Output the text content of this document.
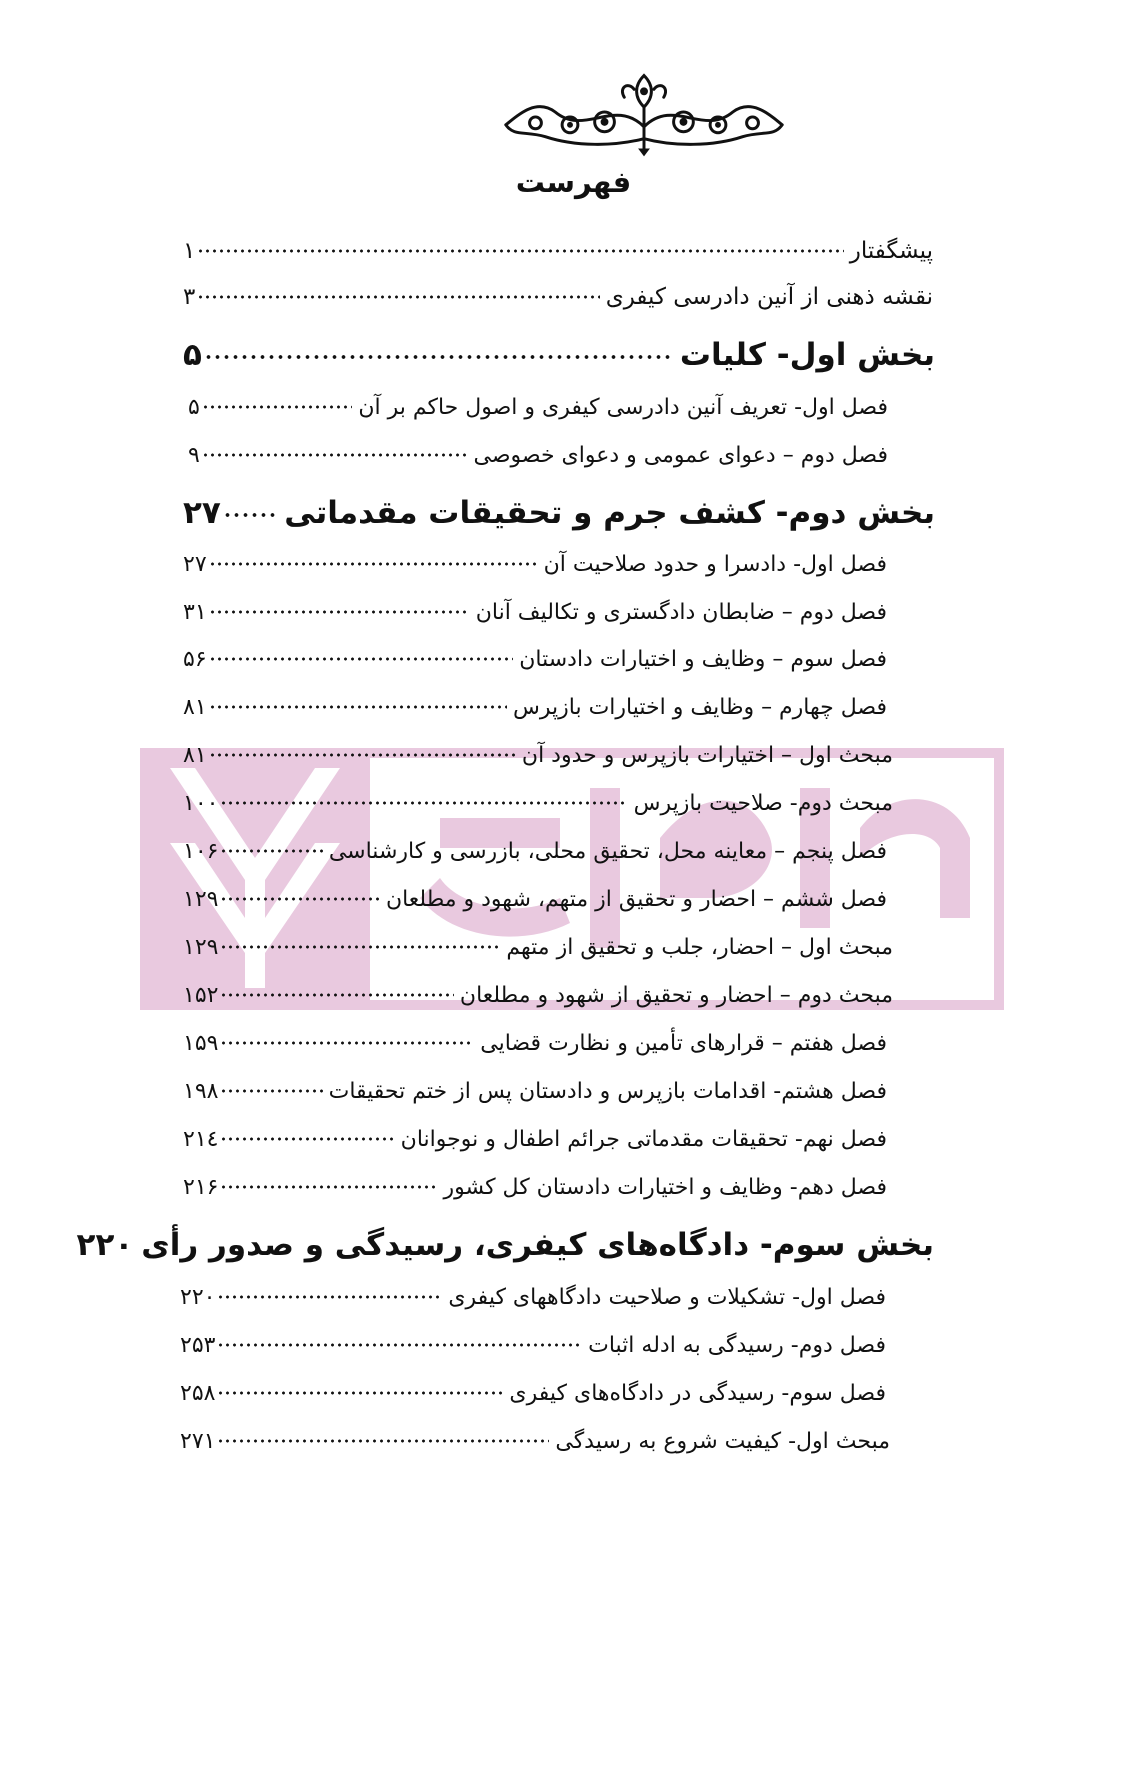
فهرست
پیشگفتار
۱
نقشه ذهنی از آنین دادرسی کیفری
۳
بخش اول- کلیات
۵
فصل اول- تعریف آنین دادرسی کیفری و اصول حاکم بر آن
۵
فصل دوم – دعوای عمومی و دعوای خصوصی
۹
بخش دوم- کشف جرم و تحقیقات مقدماتی
۲۷
فصل اول- دادسرا و حدود صلاحیت آن
۲۷
فصل دوم – ضابطان دادگستری و تکالیف آنان
۳۱
فصل سوم – وظایف و اختیارات دادستان
۵۶
فصل چهارم – وظایف و اختیارات بازپرس
۸۱
مبحث اول – اختیارات بازپرس و حدود آن
۸۱
مبحث دوم- صلاحیت بازپرس
۱۰۰
فصل پنجم – معاینه محل، تحقیق محلی، بازرسی و کارشناسی
۱۰۶
فصل ششم – احضار و تحقیق از متهم، شهود و مطلعان
۱۲۹
مبحث اول – احضار، جلب و تحقیق از متهم
۱۲۹
مبحث دوم – احضار و تحقیق از شهود و مطلعان
۱۵۲
فصل هفتم – قرارهای تأمین و نظارت قضایی
۱۵۹
فصل هشتم- اقدامات بازپرس و دادستان پس از ختم تحقیقات
۱۹۸
فصل نهم- تحقیقات مقدماتی جرائم اطفال و نوجوانان
۲۱٤
فصل دهم- وظایف و اختیارات دادستان کل کشور
۲۱۶
بخش سوم- دادگاه‌های کیفری، رسیدگی و صدور رأی
۲۲۰
فصل اول- تشکیلات و صلاحیت دادگاههای کیفری
۲۲۰
فصل دوم- رسیدگی به ادله اثبات
۲۵۳
فصل سوم- رسیدگی در دادگاه‌های کیفری
۲۵۸
مبحث اول- کیفیت شروع به رسیدگی
۲۷۱
